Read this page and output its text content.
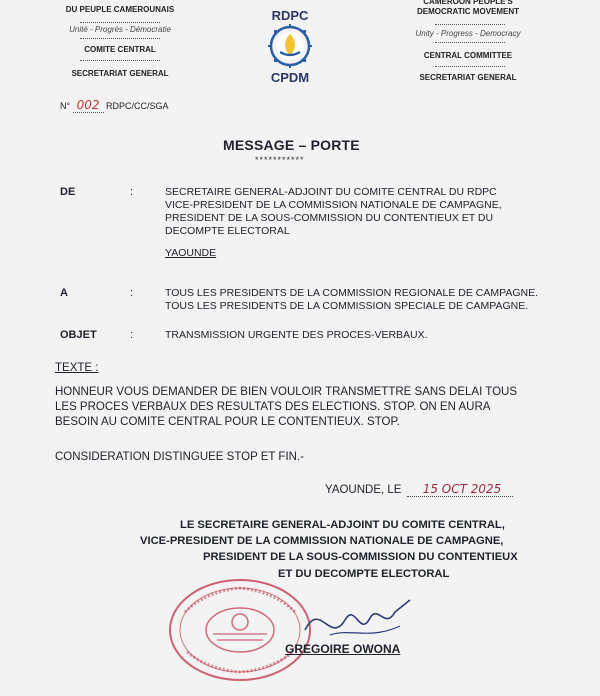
DU PEUPLE CAMEROUNAIS
Unité - Progrès - Démocratie
COMITE CENTRAL
SECRETARIAT GENERAL
RDPC
CPDM
CAMEROON PEOPLE'S
DEMOCRATIC MOVEMENT
Unity - Progress - Democracy
CENTRAL COMMITTEE
SECRETARIAT GENERAL
N° 002 RDPC/CC/SGA
MESSAGE – PORTE
***********
DE	:	SECRETAIRE GENERAL-ADJOINT DU COMITE CENTRAL DU RDPC
VICE-PRESIDENT DE LA COMMISSION NATIONALE DE CAMPAGNE,
PRESIDENT DE LA SOUS-COMMISSION DU CONTENTIEUX ET DU
DECOMPTE ELECTORAL
YAOUNDE
A	:	TOUS LES PRESIDENTS DE LA COMMISSION REGIONALE DE CAMPAGNE.
TOUS LES PRESIDENTS DE LA COMMISSION SPECIALE DE CAMPAGNE.
OBJET	:	TRANSMISSION URGENTE DES PROCES-VERBAUX.
TEXTE :
HONNEUR VOUS DEMANDER DE BIEN VOULOIR TRANSMETTRE SANS DELAI TOUS
LES PROCES VERBAUX DES RESULTATS DES ELECTIONS. STOP. ON EN AURA
BESOIN AU COMITE CENTRAL POUR LE CONTENTIEUX. STOP.
CONSIDERATION DISTINGUEE STOP ET FIN.-
YAOUNDE, LE 15 OCT 2025
LE SECRETAIRE GENERAL-ADJOINT DU COMITE CENTRAL,
VICE-PRESIDENT DE LA COMMISSION NATIONALE DE CAMPAGNE,
PRESIDENT DE LA SOUS-COMMISSION DU CONTENTIEUX
ET DU DECOMPTE ELECTORAL
GREGOIRE OWONA
